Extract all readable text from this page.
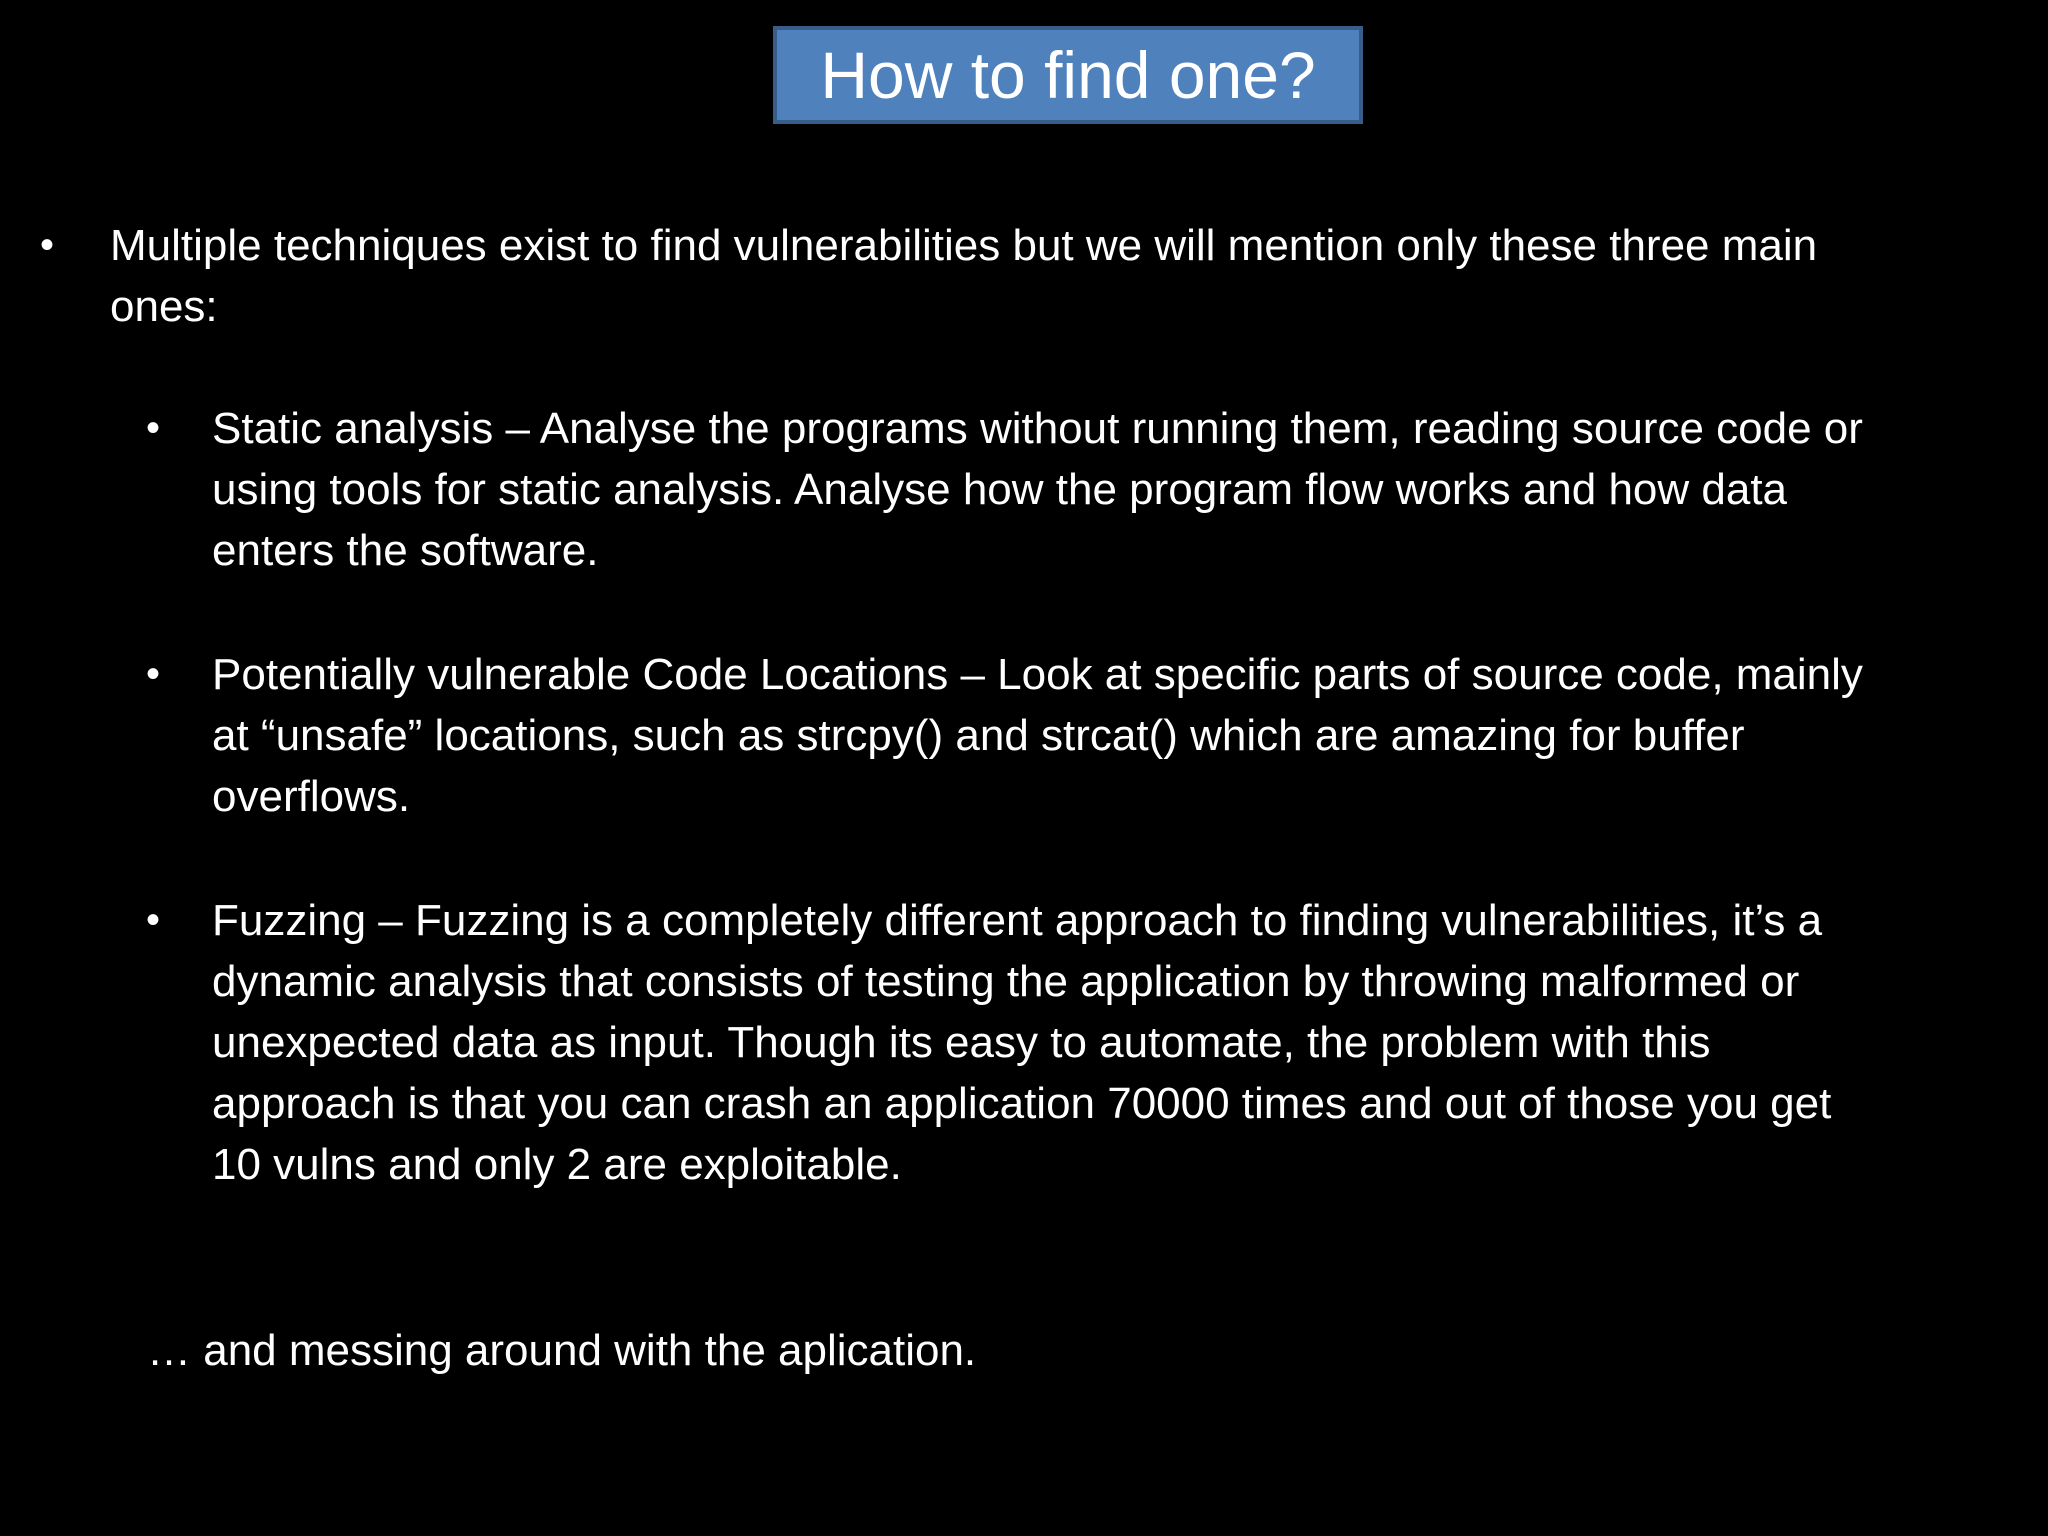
How to find one?
• Multiple techniques exist to find vulnerabilities but we will mention only these three main
ones:
• Static analysis – Analyse the programs without running them, reading source code or
using tools for static analysis. Analyse how the program flow works and how data
enters the software.
• Potentially vulnerable Code Locations – Look at specific parts of source code, mainly
at “unsafe” locations, such as strcpy() and strcat() which are amazing for buffer
overflows.
• Fuzzing – Fuzzing is a completely different approach to finding vulnerabilities, it’s a
dynamic analysis that consists of testing the application by throwing malformed or
unexpected data as input. Though its easy to automate, the problem with this
approach is that you can crash an application 70000 times and out of those you get
10 vulns and only 2 are exploitable.
… and messing around with the aplication.
